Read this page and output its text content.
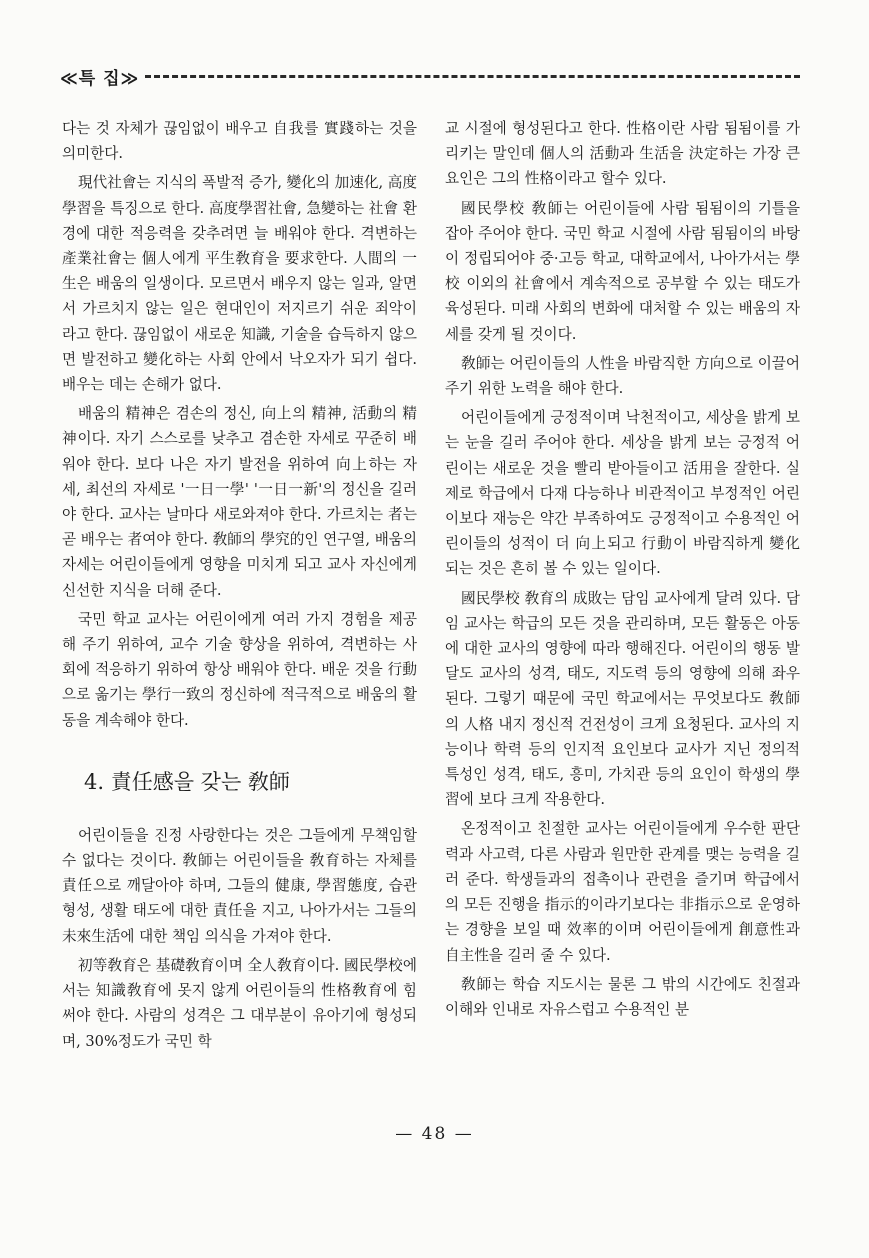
≪특 집≫

다는 것 자체가 끊임없이 배우고 自我를 實踐하는 것을 의미한다.

現代社會는 지식의 폭발적 증가, 變化의 加速化, 高度學習을 특징으로 한다. 高度學習社會, 急變하는 社會 환경에 대한 적응력을 갖추려면 늘 배워야 한다. 격변하는 產業社會는 個人에게 平生敎育을 要求한다. 人間의 一生은 배움의 일생이다. 모르면서 배우지 않는 일과, 알면서 가르치지 않는 일은 현대인이 저지르기 쉬운 죄악이라고 한다. 끊임없이 새로운 知識, 기술을 습득하지 않으면 발전하고 變化하는 사회 안에서 낙오자가 되기 쉽다. 배우는 데는 손해가 없다.

배움의 精神은 겸손의 정신, 向上의 精神, 活動의 精神이다. 자기 스스로를 낮추고 겸손한 자세로 꾸준히 배워야 한다. 보다 나은 자기 발전을 위하여 向上하는 자세, 최선의 자세로 '一日一學' '一日一新'의 정신을 길러야 한다. 교사는 날마다 새로와져야 한다. 가르치는 者는 곧 배우는 者여야 한다. 敎師의 學究的인 연구열, 배움의 자세는 어린이들에게 영향을 미치게 되고 교사 자신에게 신선한 지식을 더해 준다.

국민 학교 교사는 어린이에게 여러 가지 경험을 제공해 주기 위하여, 교수 기술 향상을 위하여, 격변하는 사회에 적응하기 위하여 항상 배워야 한다. 배운 것을 行動으로 옮기는 學行一致의 정신하에 적극적으로 배움의 활동을 계속해야 한다.

4. 責任感을 갖는 敎師

어린이들을 진정 사랑한다는 것은 그들에게 무책임할 수 없다는 것이다. 敎師는 어린이들을 敎育하는 자체를 責任으로 깨달아야 하며, 그들의 健康, 學習態度, 습관 형성, 생활 태도에 대한 責任을 지고, 나아가서는 그들의 未來生活에 대한 책임 의식을 가져야 한다.

初等敎育은 基礎敎育이며 全人敎育이다. 國民學校에서는 知識敎育에 못지 않게 어린이들의 性格敎育에 힘써야 한다. 사람의 성격은 그 대부분이 유아기에 형성되며, 30%정도가 국민 학

교 시절에 형성된다고 한다. 性格이란 사람 됨됨이를 가리키는 말인데 個人의 活動과 生活을 決定하는 가장 큰 요인은 그의 性格이라고 할수 있다.

國民學校 敎師는 어린이들에 사람 됨됨이의 기틀을 잡아 주어야 한다. 국민 학교 시절에 사람 됨됨이의 바탕이 정립되어야 중·고등 학교, 대학교에서, 나아가서는 學校 이외의 社會에서 계속적으로 공부할 수 있는 태도가 육성된다. 미래 사회의 변화에 대처할 수 있는 배움의 자세를 갖게 될 것이다.

敎師는 어린이들의 人性을 바람직한 方向으로 이끌어 주기 위한 노력을 해야 한다.

어린이들에게 긍정적이며 낙천적이고, 세상을 밝게 보는 눈을 길러 주어야 한다. 세상을 밝게 보는 긍정적 어린이는 새로운 것을 빨리 받아들이고 活用을 잘한다. 실제로 학급에서 다재 다능하나 비관적이고 부정적인 어린이보다 재능은 약간 부족하여도 긍정적이고 수용적인 어린이들의 성적이 더 向上되고 行動이 바람직하게 變化되는 것은 흔히 볼 수 있는 일이다.

國民學校 敎育의 成敗는 담임 교사에게 달려 있다. 담임 교사는 학급의 모든 것을 관리하며, 모든 활동은 아동에 대한 교사의 영향에 따라 행해진다. 어린이의 행동 발달도 교사의 성격, 태도, 지도력 등의 영향에 의해 좌우된다. 그렇기 때문에 국민 학교에서는 무엇보다도 敎師의 人格 내지 정신적 건전성이 크게 요청된다. 교사의 지능이나 학력 등의 인지적 요인보다 교사가 지닌 정의적 특성인 성격, 태도, 흥미, 가치관 등의 요인이 학생의 學習에 보다 크게 작용한다.

온정적이고 친절한 교사는 어린이들에게 우수한 판단력과 사고력, 다른 사람과 원만한 관계를 맺는 능력을 길러 준다. 학생들과의 접촉이나 관련을 즐기며 학급에서의 모든 진행을 指示的이라기보다는 非指示으로 운영하는 경향을 보일 때 效率的이며 어린이들에게 創意性과 自主性을 길러 줄 수 있다.

敎師는 학습 지도시는 물론 그 밖의 시간에도 친절과 이해와 인내로 자유스럽고 수용적인 분

— 48 —
